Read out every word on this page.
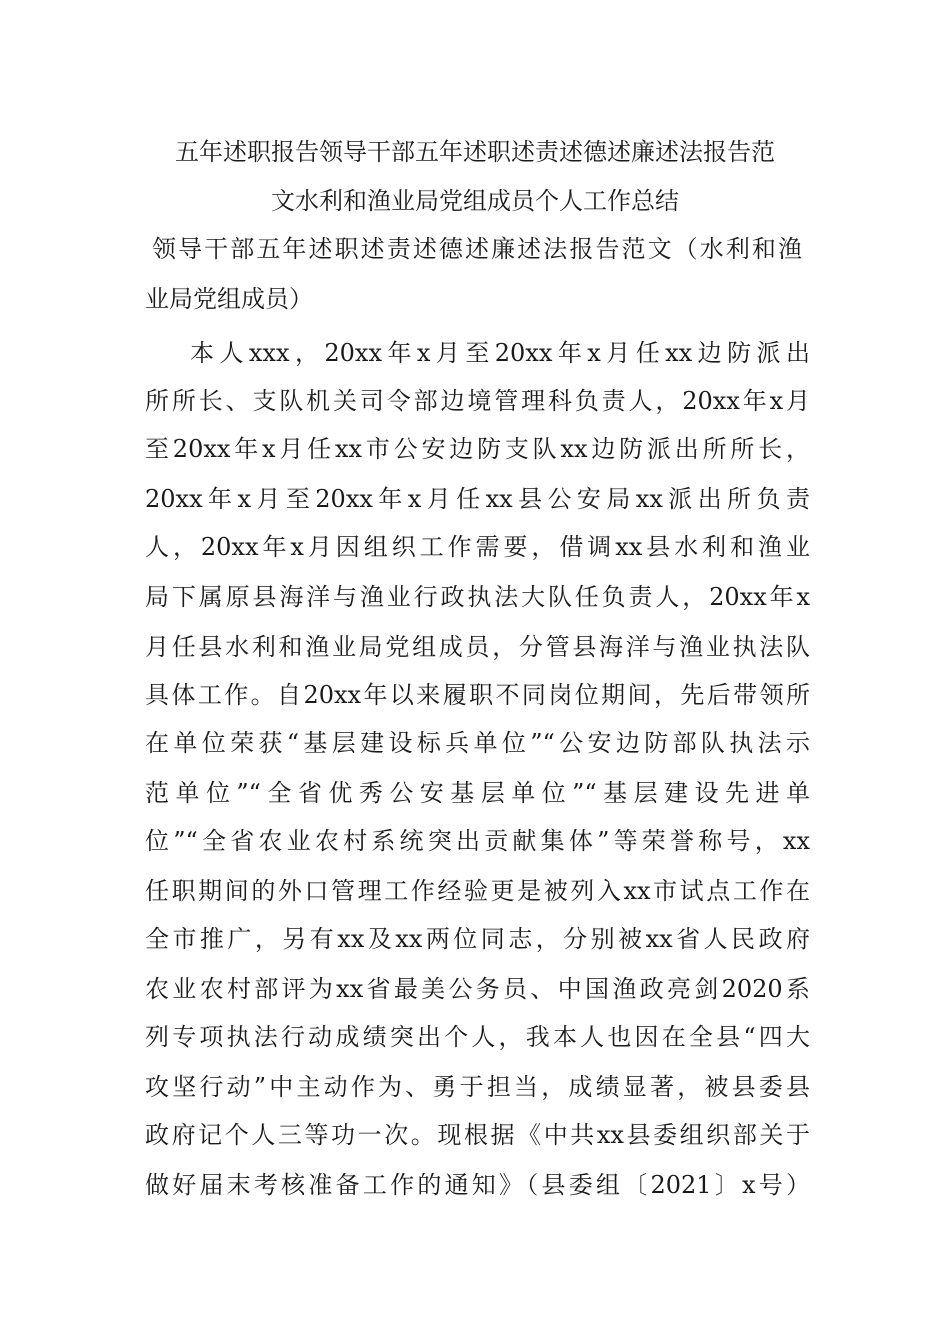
五年述职报告领导干部五年述职述责述德述廉述法报告范
文水利和渔业局党组成员个人工作总结
领导干部五年述职述责述德述廉述法报告范文（水利和渔
业局党组成员）
本人xxx，20xx年x月至20xx年x月任xx边防派出
所所长、支队机关司令部边境管理科负责人，20xx年x月
至20xx年x月任xx市公安边防支队xx边防派出所所长，
20xx年x月至20xx年x月任xx县公安局xx派出所负责
人，20xx年x月因组织工作需要，借调xx县水利和渔业
局下属原县海洋与渔业行政执法大队任负责人，20xx年x
月任县水利和渔业局党组成员，分管县海洋与渔业执法队
具体工作。自20xx年以来履职不同岗位期间，先后带领所
在单位荣获“基层建设标兵单位”“公安边防部队执法示
范单位”“全省优秀公安基层单位”“基层建设先进单
位”“全省农业农村系统突出贡献集体”等荣誉称号，xx
任职期间的外口管理工作经验更是被列入xx市试点工作在
全市推广，另有xx及xx两位同志，分别被xx省人民政府
农业农村部评为xx省最美公务员、中国渔政亮剑2020系
列专项执法行动成绩突出个人，我本人也因在全县“四大
攻坚行动”中主动作为、勇于担当，成绩显著，被县委县
政府记个人三等功一次。现根据《中共xx县委组织部关于
做好届末考核准备工作的通知》（县委组〔2021〕x号）
